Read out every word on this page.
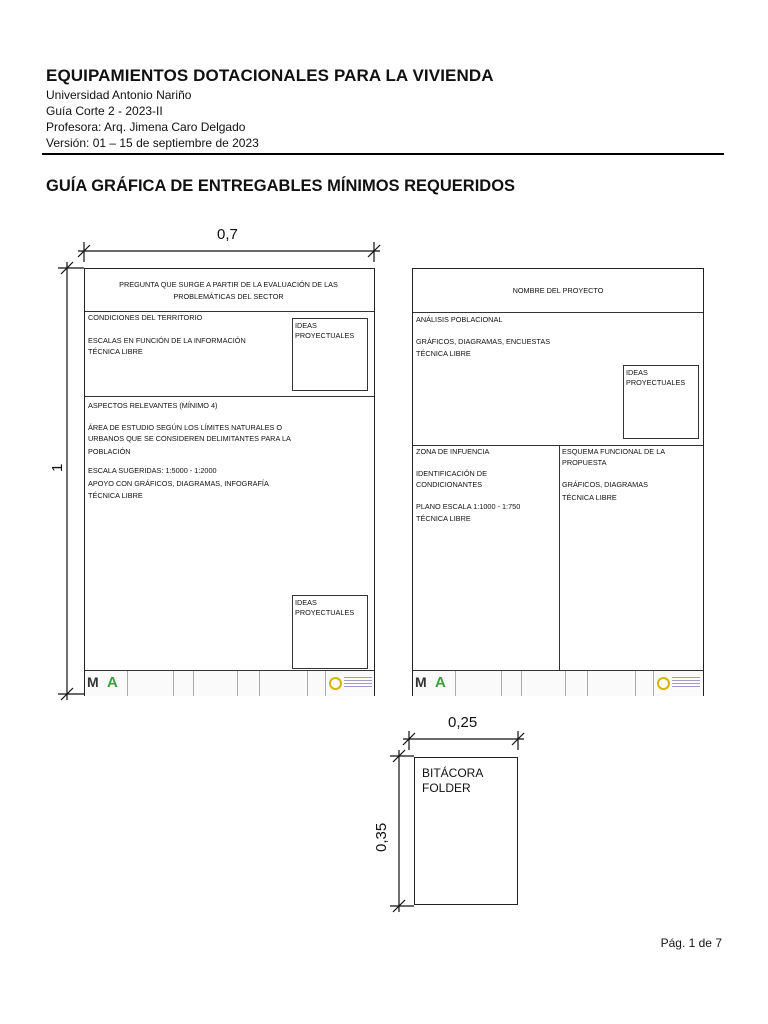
EQUIPAMIENTOS DOTACIONALES PARA LA VIVIENDA
Universidad Antonio Nariño
Guía Corte 2 - 2023-II
Profesora: Arq. Jimena Caro Delgado
Versión: 01 – 15 de septiembre de 2023
GUÍA GRÁFICA DE ENTREGABLES MÍNIMOS REQUERIDOS
0,7
1
PREGUNTA QUE SURGE A PARTIR DE LA EVALUACIÓN DE LAS
PROBLEMÁTICAS DEL SECTOR
CONDICIONES DEL TERRITORIO
ESCALAS EN FUNCIÓN DE LA INFORMACIÓN
TÉCNICA LIBRE
IDEAS
PROYECTUALES
ASPECTOS RELEVANTES (MÍNIMO 4)
ÁREA DE ESTUDIO SEGÚN LOS LÍMITES NATURALES O
URBANOS QUE SE CONSIDEREN DELIMITANTES PARA LA
POBLACIÓN
ESCALA SUGERIDAS: 1:5000 - 1:2000
APOYO CON GRÁFICOS, DIAGRAMAS, INFOGRAFÍA
TÉCNICA LIBRE
IDEAS
PROYECTUALES
M A
NOMBRE DEL PROYECTO
ANÁLISIS POBLACIONAL
GRÁFICOS, DIAGRAMAS, ENCUESTAS
TÉCNICA LIBRE
IDEAS
PROYECTUALES
ZONA DE INFUENCIA
IDENTIFICACIÓN DE
CONDICIONANTES
PLANO ESCALA 1:1000 - 1:750
TÉCNICA LIBRE
ESQUEMA FUNCIONAL DE LA
PROPUESTA
GRÁFICOS, DIAGRAMAS
TÉCNICA LIBRE
M A
0,25
0,35
BITÁCORA
FOLDER
Pág. 1 de 7
